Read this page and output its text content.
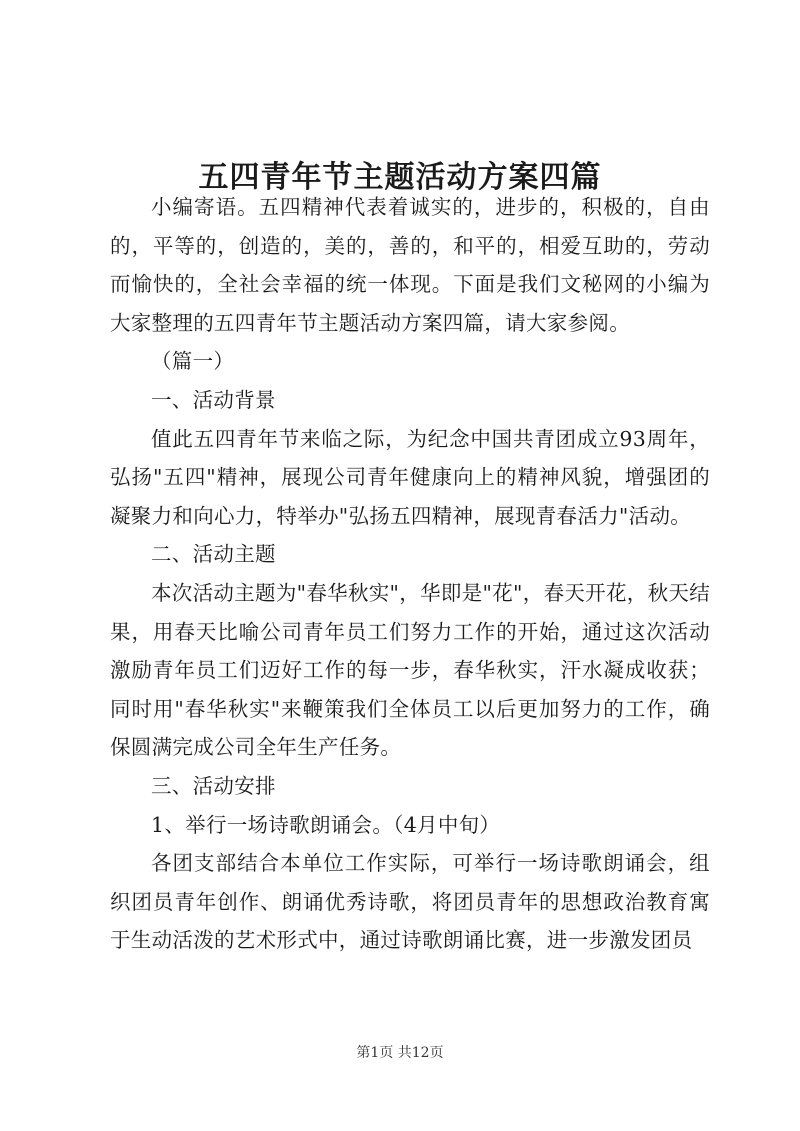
五四青年节主题活动方案四篇

小编寄语。五四精神代表着诚实的，进步的，积极的，自由的，平等的，创造的，美的，善的，和平的，相爱互助的，劳动而愉快的，全社会幸福的统一体现。下面是我们文秘网的小编为大家整理的五四青年节主题活动方案四篇，请大家参阅。

（篇一）

一、活动背景

值此五四青年节来临之际，为纪念中国共青团成立93周年，弘扬"五四"精神，展现公司青年健康向上的精神风貌，增强团的凝聚力和向心力，特举办"弘扬五四精神，展现青春活力"活动。

二、活动主题

本次活动主题为"春华秋实"，华即是"花"，春天开花，秋天结果，用春天比喻公司青年员工们努力工作的开始，通过这次活动激励青年员工们迈好工作的每一步，春华秋实，汗水凝成收获；同时用"春华秋实"来鞭策我们全体员工以后更加努力的工作，确保圆满完成公司全年生产任务。

三、活动安排

1、举行一场诗歌朗诵会。（4月中旬）

各团支部结合本单位工作实际，可举行一场诗歌朗诵会，组织团员青年创作、朗诵优秀诗歌，将团员青年的思想政治教育寓于生动活泼的艺术形式中，通过诗歌朗诵比赛，进一步激发团员

第1页 共12页
